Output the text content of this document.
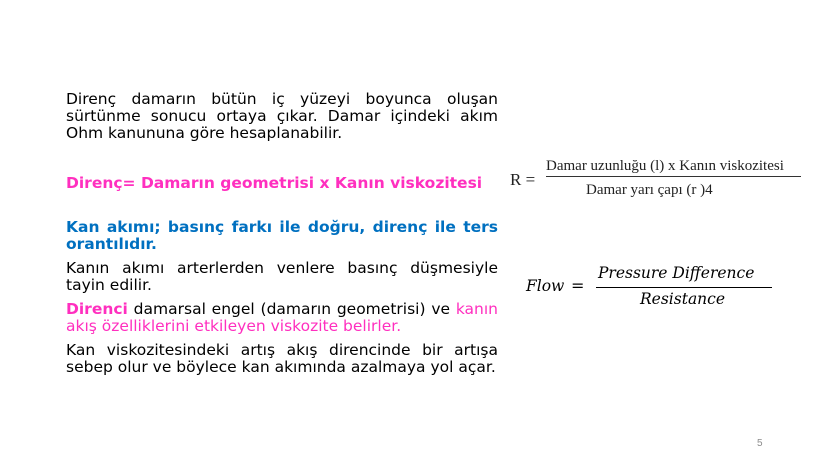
Direnç damarın bütün iç yüzeyi boyunca oluşan sürtünme sonucu ortaya çıkar. Damar içindeki akım Ohm kanununa göre hesaplanabilir.

Direnç= Damarın geometrisi x Kanın viskozitesi

Kan akımı; basınç farkı ile doğru, direnç ile ters orantılıdır.

Kanın akımı arterlerden venlere basınç düşmesiyle tayin edilir.

Direnci damarsal engel (damarın geometrisi) ve kanın akış özelliklerini etkileyen viskozite belirler.

Kan viskozitesindeki artış akış direncinde bir artışa sebep olur ve böylece kan akımında azalmaya yol açar.

R =
Damar uzunluğu (l) x Kanın viskozitesi
Damar yarı çapı (r )4
Flow =
Pressure Difference
Resistance
5
